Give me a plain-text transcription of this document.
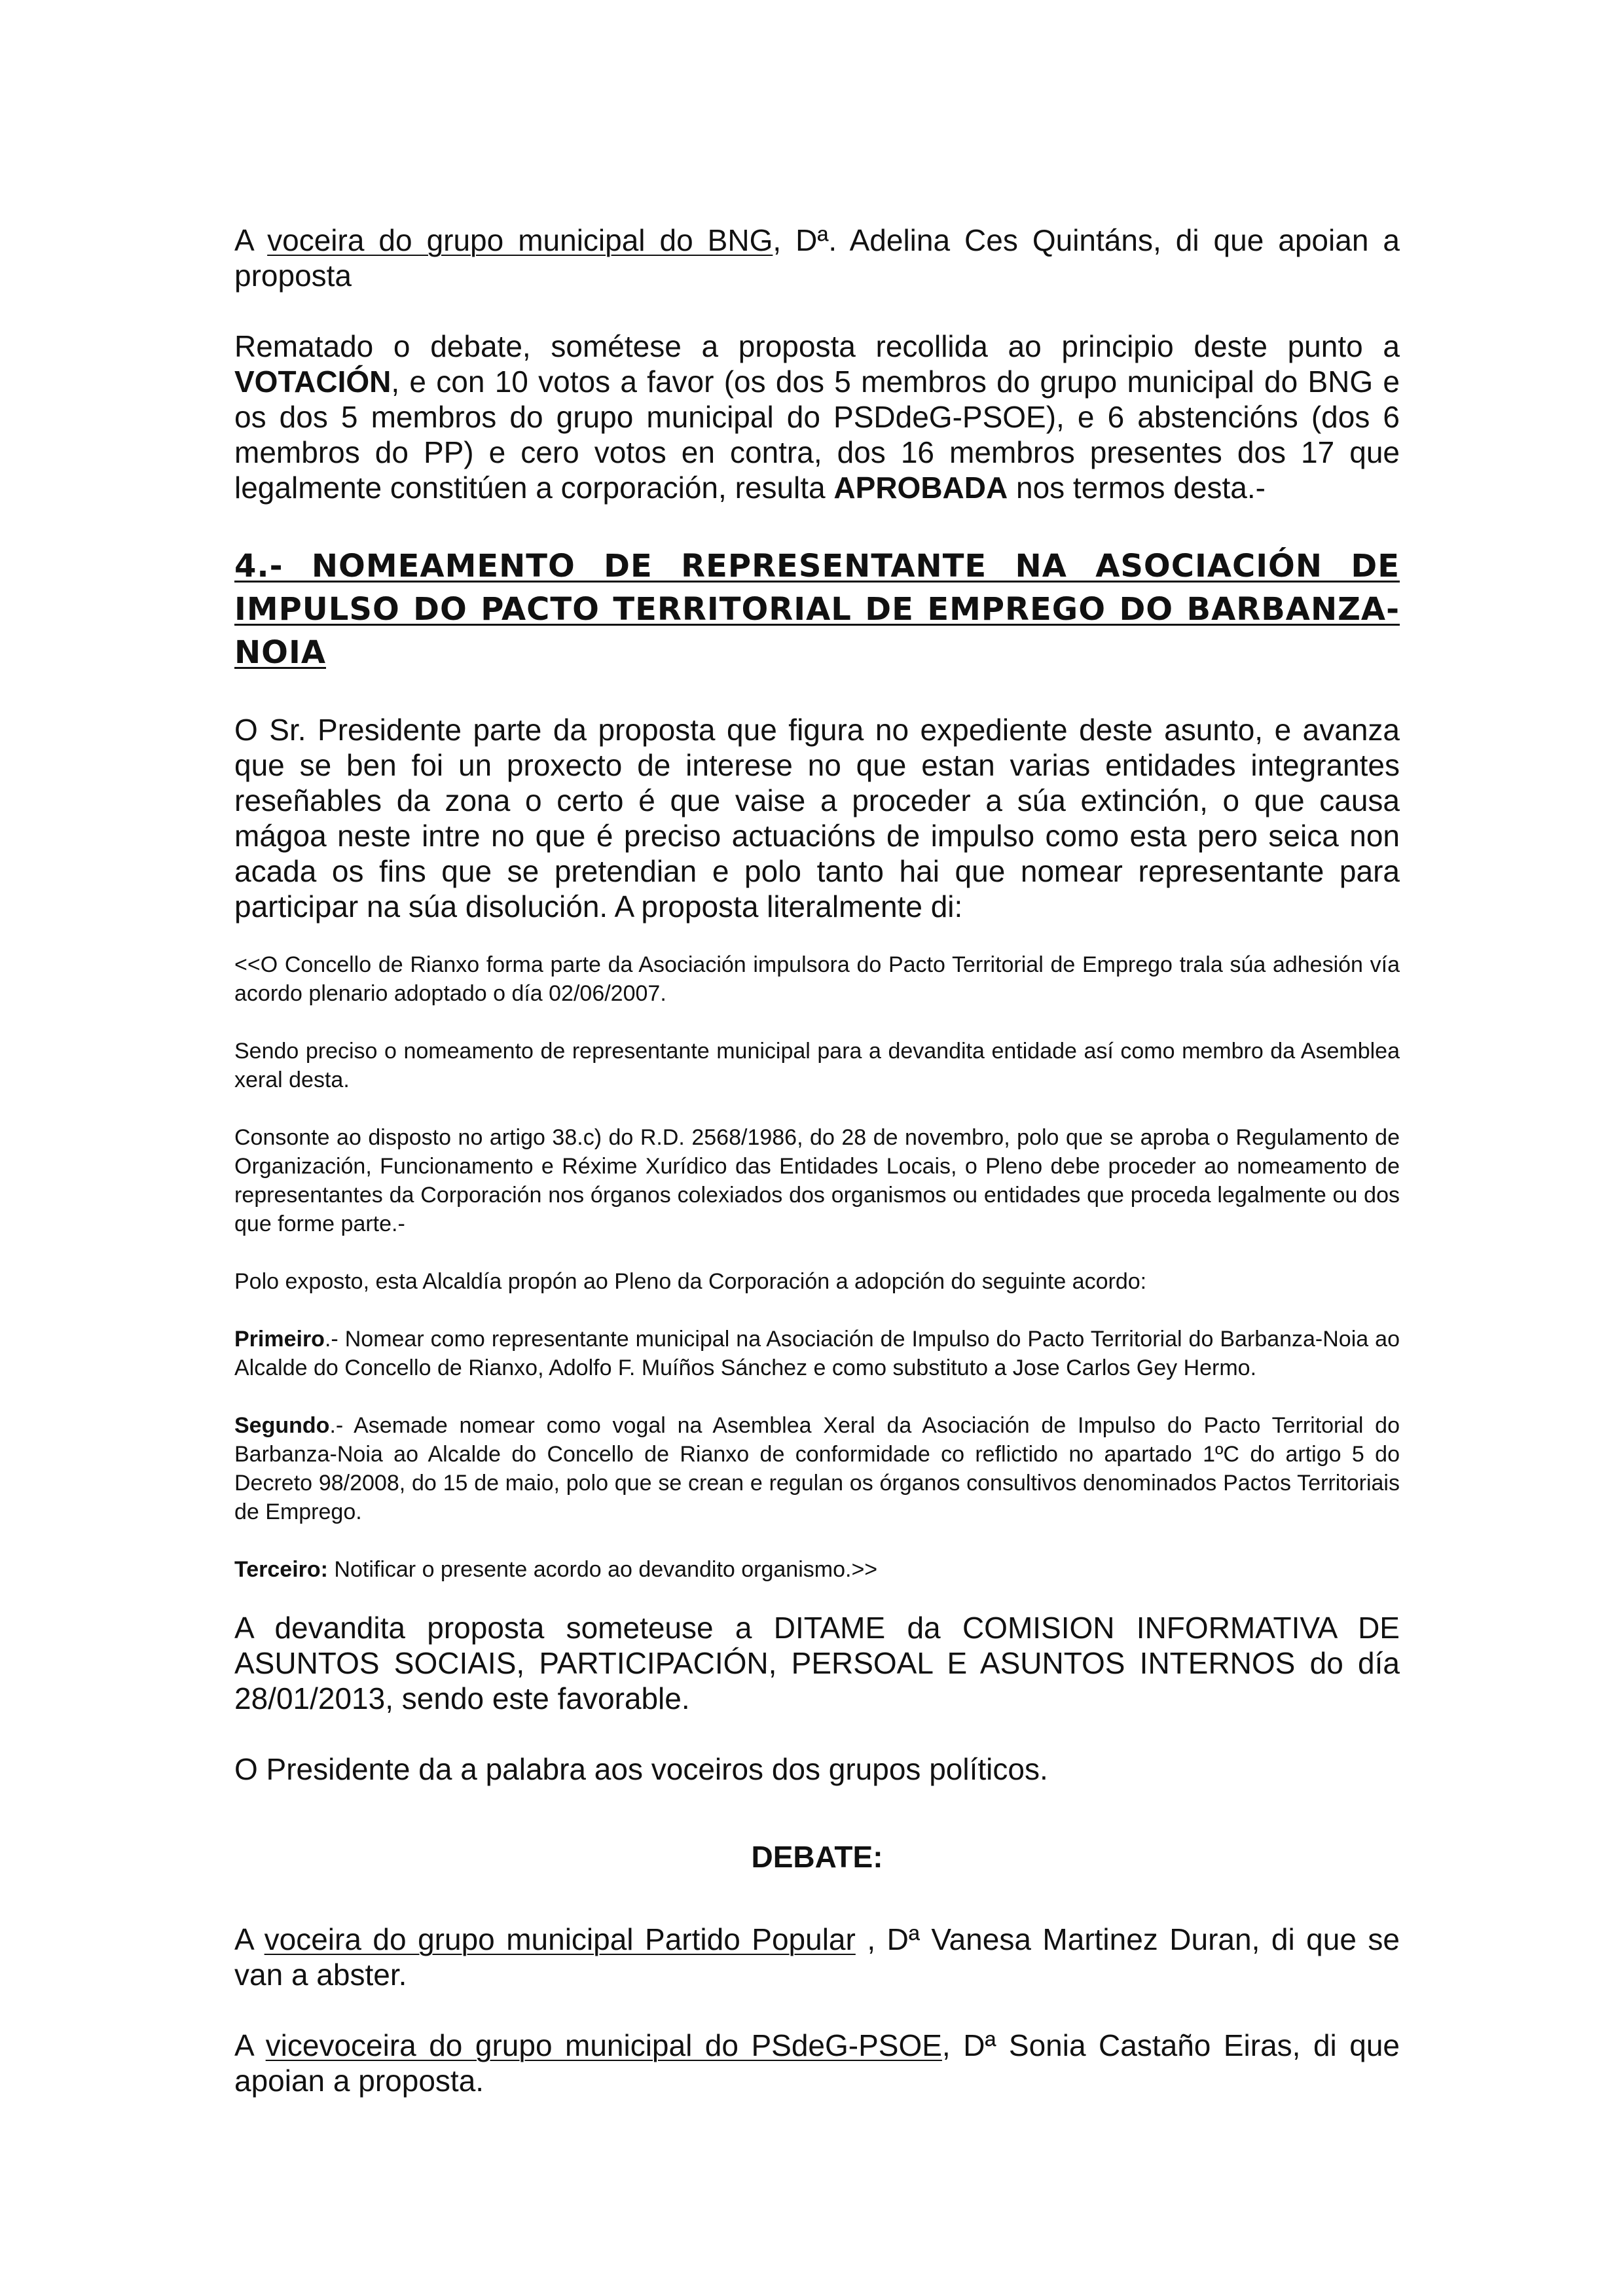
A voceira do grupo municipal do BNG, Dª. Adelina Ces Quintáns, di que apoian a proposta

Rematado o debate, sométese a proposta recollida ao principio deste punto a VOTACIÓN, e con 10 votos a favor (os dos 5 membros do grupo municipal do BNG e os dos 5 membros do grupo municipal do PSDdeG-PSOE), e 6 abstencións (dos 6 membros do PP) e cero votos en contra, dos 16 membros presentes dos 17 que legalmente constitúen a corporación, resulta APROBADA nos termos desta.-

4.- NOMEAMENTO DE REPRESENTANTE NA ASOCIACIÓN DE IMPULSO DO PACTO TERRITORIAL DE EMPREGO DO BARBANZA- NOIA

O Sr. Presidente parte da proposta que figura no expediente deste asunto, e avanza que se ben foi un proxecto de interese no que estan varias entidades integrantes reseñables da zona o certo é que vaise a proceder a súa extinción, o que causa mágoa neste intre no que é preciso actuacións de impulso como esta pero seica non acada os fins que se pretendian e polo tanto hai que nomear representante para participar na súa disolución. A proposta literalmente di:

<<O Concello de Rianxo forma parte da Asociación impulsora do Pacto Territorial de Emprego trala súa adhesión vía acordo plenario adoptado o día 02/06/2007.

Sendo preciso o nomeamento de representante municipal para a devandita entidade así como membro da Asemblea xeral desta.

Consonte ao disposto no artigo 38.c) do R.D. 2568/1986, do 28 de novembro, polo que se aproba o Regulamento de Organización, Funcionamento e Réxime Xurídico das Entidades Locais, o Pleno debe proceder ao nomeamento de representantes da Corporación nos órganos colexiados dos organismos ou entidades que proceda legalmente ou dos que forme parte.-

Polo exposto, esta Alcaldía propón ao Pleno da Corporación a adopción do seguinte acordo:

Primeiro.- Nomear como representante municipal na Asociación de Impulso do Pacto Territorial do Barbanza-Noia ao Alcalde do Concello de Rianxo, Adolfo F. Muíños Sánchez e como substituto a Jose Carlos Gey Hermo.

Segundo.- Asemade nomear como vogal na Asemblea Xeral da Asociación de Impulso do Pacto Territorial do Barbanza-Noia ao Alcalde do Concello de Rianxo de conformidade co reflictido no apartado 1ºC do artigo 5 do Decreto 98/2008, do 15 de maio, polo que se crean e regulan os órganos consultivos denominados Pactos Territoriais de Emprego.

Terceiro: Notificar o presente acordo ao devandito organismo.>>

A devandita proposta someteuse a DITAME da COMISION INFORMATIVA DE ASUNTOS SOCIAIS, PARTICIPACIÓN, PERSOAL E ASUNTOS INTERNOS do día 28/01/2013, sendo este favorable.

O Presidente da a palabra aos voceiros dos grupos políticos.

DEBATE:

A voceira do grupo municipal Partido Popular , Dª Vanesa Martinez Duran, di que se van a abster.

A vicevoceira do grupo municipal do PSdeG-PSOE, Dª Sonia Castaño Eiras, di que apoian a proposta.
